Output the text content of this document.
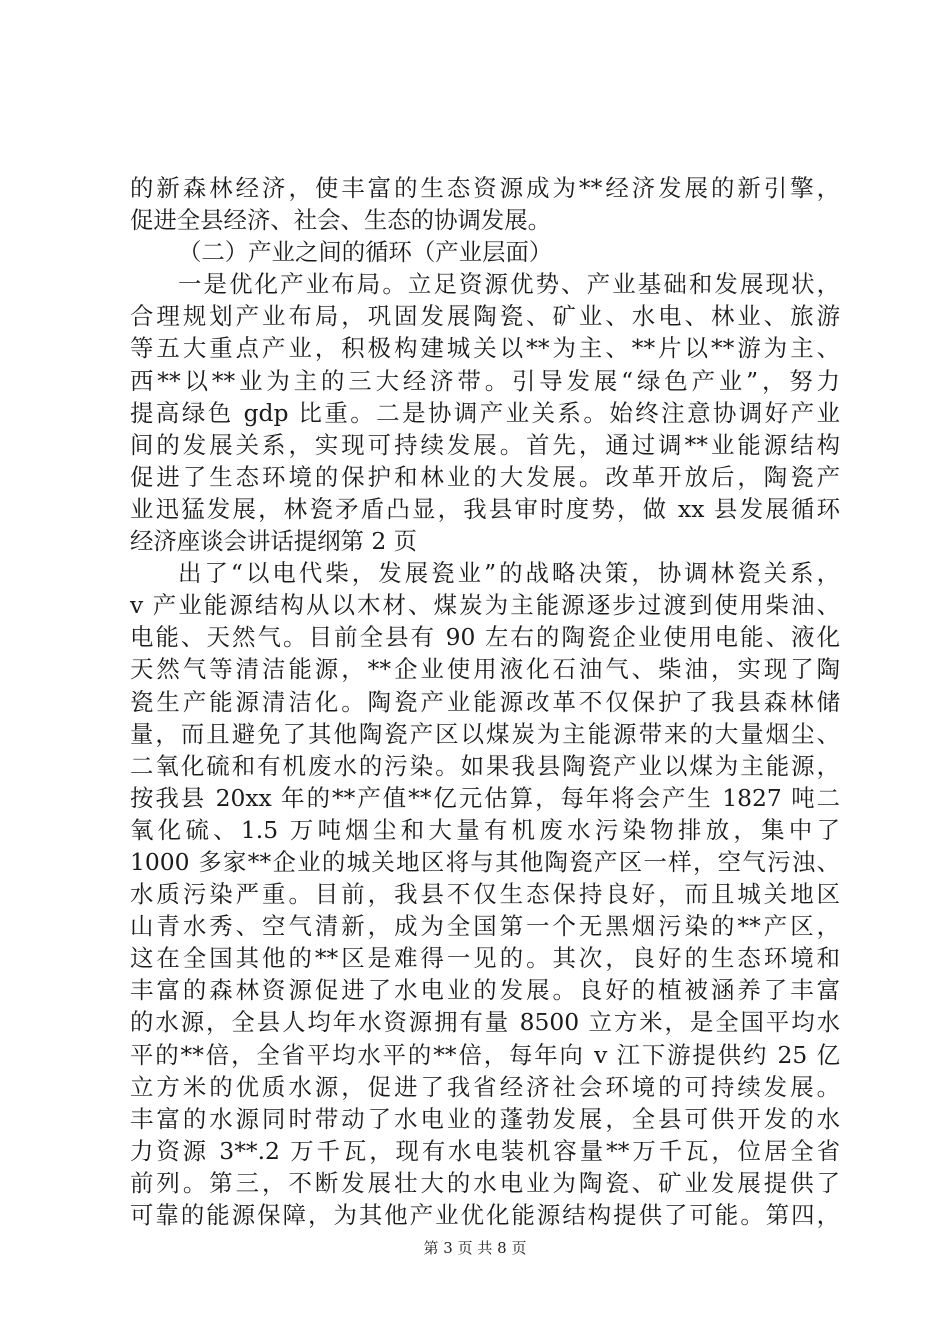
的新森林经济，使丰富的生态资源成为**经济发展的新引擎，
促进全县经济、社会、生态的协调发展。
（二）产业之间的循环（产业层面）
一是优化产业布局。立足资源优势、产业基础和发展现状，
合理规划产业布局，巩固发展陶瓷、矿业、水电、林业、旅游
等五大重点产业，积极构建城关以**为主、**片以**游为主、
西**以**业为主的三大经济带。引导发展“绿色产业”，努力
提高绿色 gdp 比重。二是协调产业关系。始终注意协调好产业
间的发展关系，实现可持续发展。首先，通过调**业能源结构
促进了生态环境的保护和林业的大发展。改革开放后，陶瓷产
业迅猛发展，林瓷矛盾凸显，我县审时度势，做 xx 县发展循环
经济座谈会讲话提纲第 2 页
出了“以电代柴，发展瓷业”的战略决策，协调林瓷关系，
v 产业能源结构从以木材、煤炭为主能源逐步过渡到使用柴油、
电能、天然气。目前全县有 90 左右的陶瓷企业使用电能、液化
天然气等清洁能源，**企业使用液化石油气、柴油，实现了陶
瓷生产能源清洁化。陶瓷产业能源改革不仅保护了我县森林储
量，而且避免了其他陶瓷产区以煤炭为主能源带来的大量烟尘、
二氧化硫和有机废水的污染。如果我县陶瓷产业以煤为主能源，
按我县 20xx 年的**产值**亿元估算，每年将会产生 1827 吨二
氧化硫、1.5 万吨烟尘和大量有机废水污染物排放，集中了
1000 多家**企业的城关地区将与其他陶瓷产区一样，空气污浊、
水质污染严重。目前，我县不仅生态保持良好，而且城关地区
山青水秀、空气清新，成为全国第一个无黑烟污染的**产区，
这在全国其他的**区是难得一见的。其次，良好的生态环境和
丰富的森林资源促进了水电业的发展。良好的植被涵养了丰富
的水源，全县人均年水资源拥有量 8500 立方米，是全国平均水
平的**倍，全省平均水平的**倍，每年向 v 江下游提供约 25 亿
立方米的优质水源，促进了我省经济社会环境的可持续发展。
丰富的水源同时带动了水电业的蓬勃发展，全县可供开发的水
力资源 3**.2 万千瓦，现有水电装机容量**万千瓦，位居全省
前列。第三，不断发展壮大的水电业为陶瓷、矿业发展提供了
可靠的能源保障，为其他产业优化能源结构提供了可能。第四，
第 3 页 共 8 页
